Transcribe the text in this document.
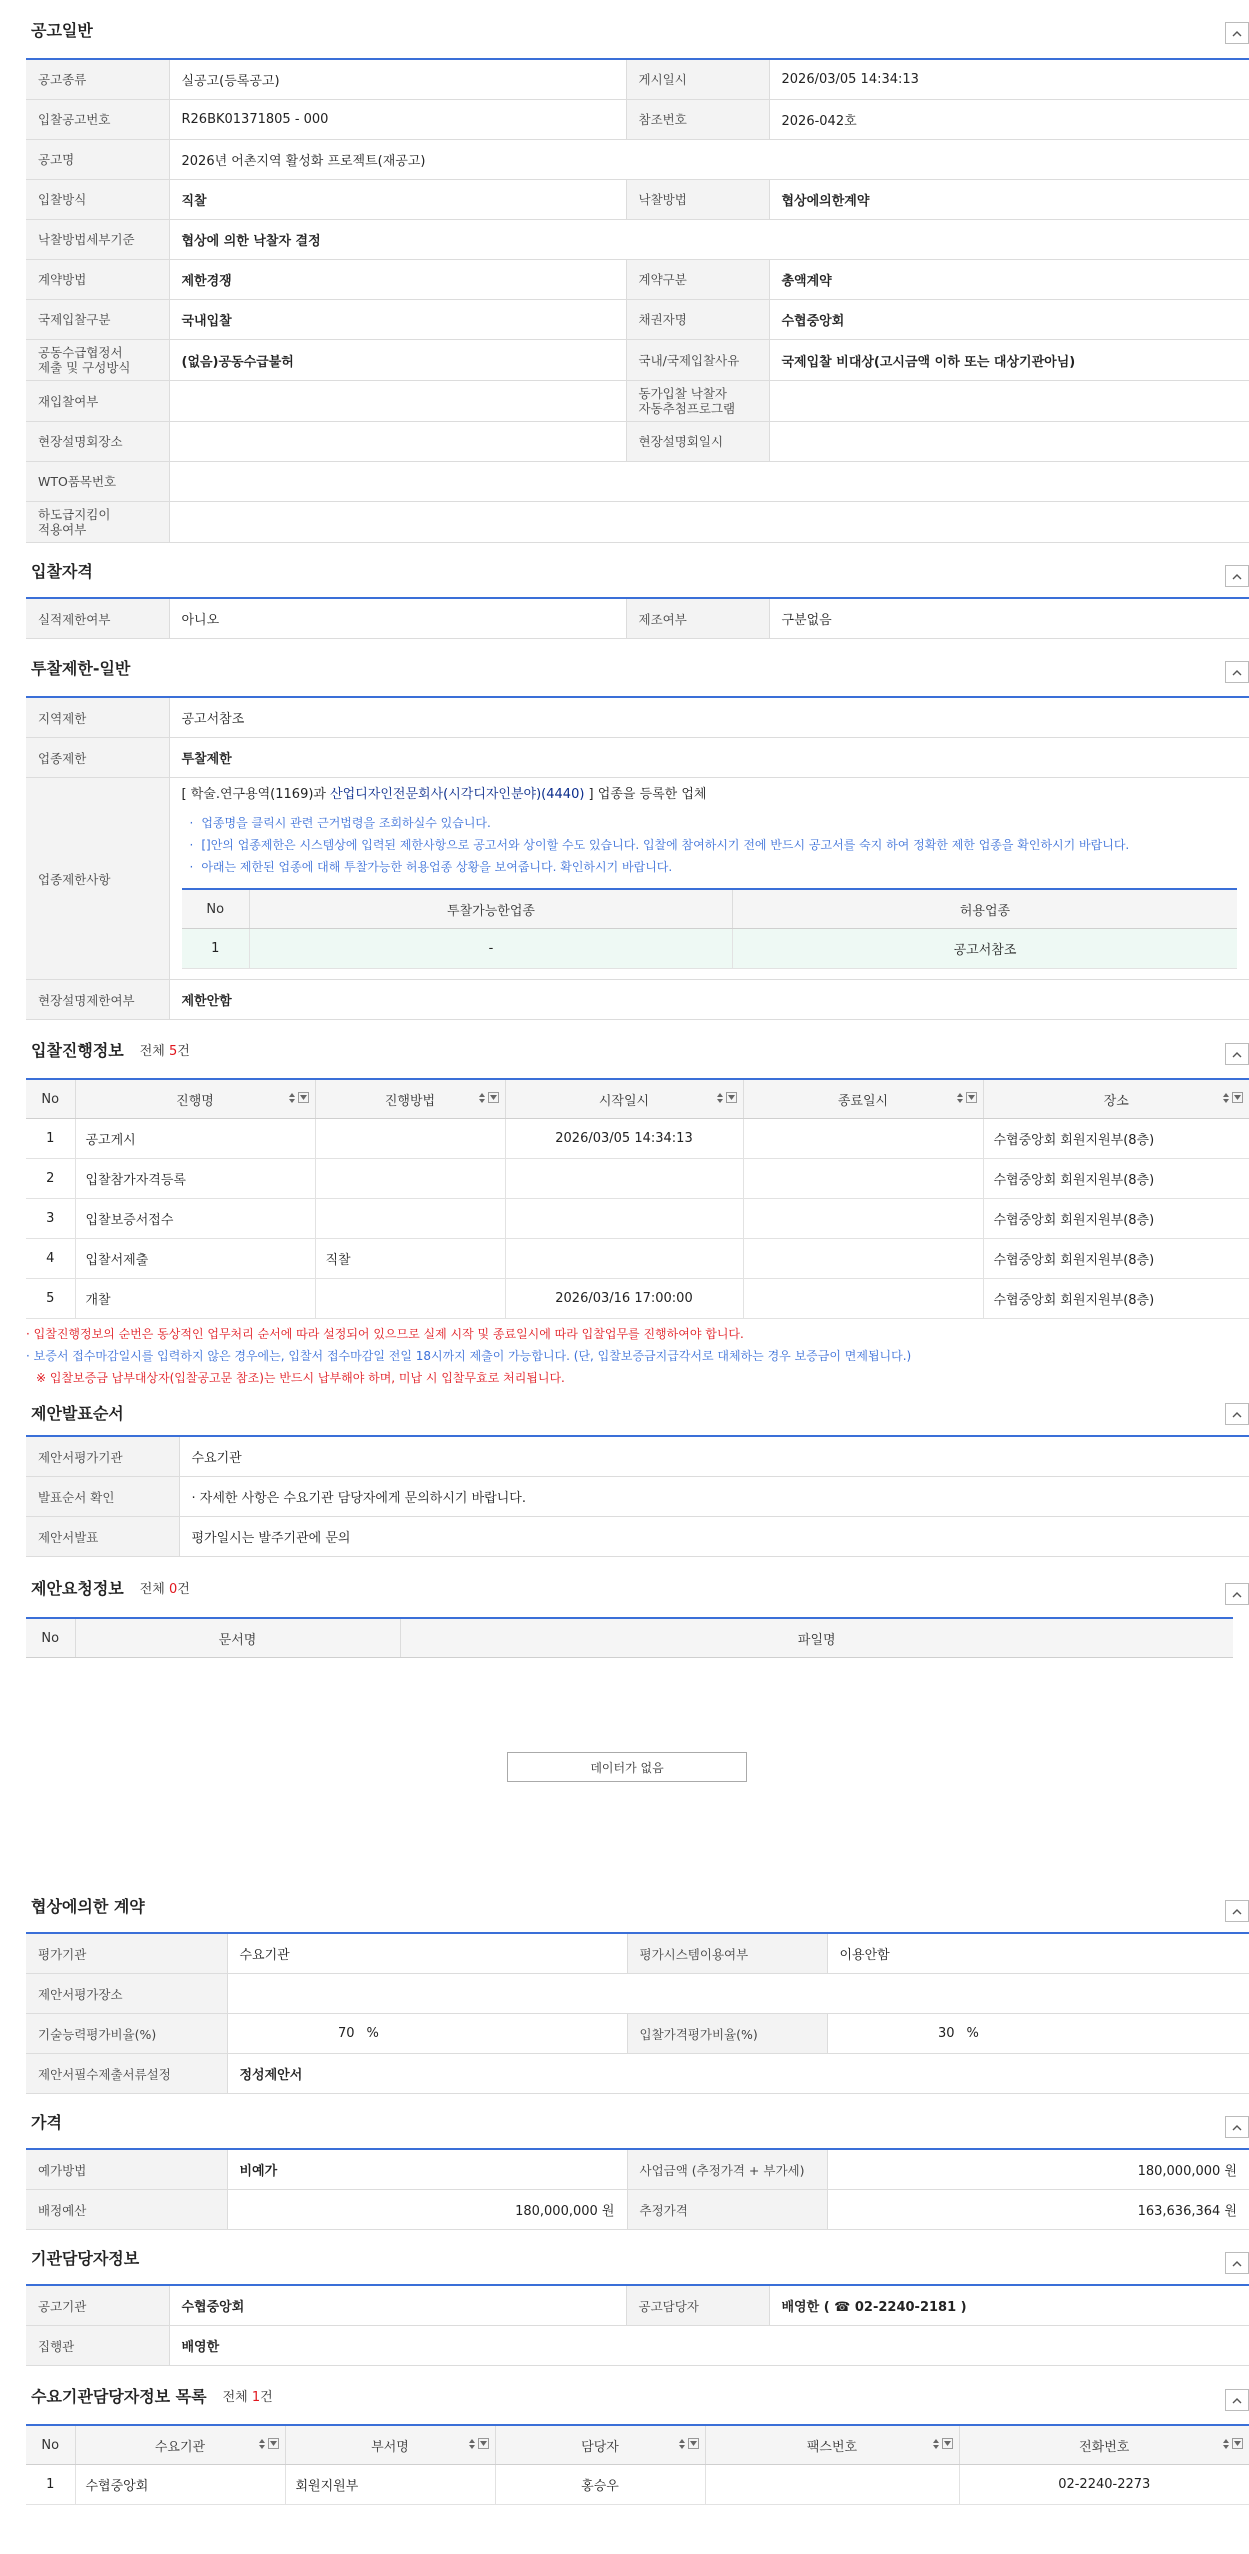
공고일반
공고종류	실공고(등록공고)	게시일시	2026/03/05 14:34:13
입찰공고번호	R26BK01371805 - 000	참조번호	2026-042호
공고명	2026년 어촌지역 활성화 프로젝트(재공고)		
입찰방식	직찰	낙찰방법	협상에의한계약
낙찰방법세부기준	협상에 의한 낙찰자 결정		
계약방법	제한경쟁	계약구분	총액계약
국제입찰구분	국내입찰	채권자명	수협중앙회
공동수급협정서
제출 및 구성방식	(없음)공동수급불허	국내/국제입찰사유	국제입찰 비대상(고시금액 이하 또는 대상기관아님)
재입찰여부		동가입찰 낙찰자
자동추첨프로그램	
현장설명회장소		현장설명회일시	
WTO품목번호			
하도급지킴이
적용여부			
입찰자격
실적제한여부	아니오	제조여부	구분없음
투찰제한-일반
지역제한	공고서참조
업종제한	투찰제한
업종제한사항	
[ 학술.연구용역(1169)과 산업디자인전문회사(시각디자인분야)(4440) ] 업종을 등록한 업체
· 업종명을 클릭시 관련 근거법령을 조회하실수 있습니다.
· []안의 업종제한은 시스템상에 입력된 제한사항으로 공고서와 상이할 수도 있습니다. 입찰에 참여하시기 전에 반드시 공고서를 숙지 하여 정확한 제한 업종을 확인하시기 바랍니다.
· 아래는 제한된 업종에 대해 투찰가능한 허용업종 상황을 보여줍니다. 확인하시기 바랍니다.
No	투찰가능한업종	허용업종
1	-	공고서참조

현장설명제한여부	제한안함
입찰진행정보 전체 5건
No	진행명	진행방법	시작일시	종료일시	장소

1	공고게시		2026/03/05 14:34:13		수협중앙회 회원지원부(8층)
2	입찰참가자격등록				수협중앙회 회원지원부(8층)
3	입찰보증서접수				수협중앙회 회원지원부(8층)
4	입찰서제출	직찰			수협중앙회 회원지원부(8층)
5	개찰		2026/03/16 17:00:00		수협중앙회 회원지원부(8층)
· 입찰진행정보의 순번은 동상적인 업무처리 순서에 따라 설정되어 있으므로 실제 시작 및 종료일시에 따라 입찰업무를 진행하여야 합니다.
· 보증서 접수마감일시를 입력하지 않은 경우에는, 입찰서 접수마감일 전일 18시까지 제출이 가능합니다. (단, 입찰보증금지급각서로 대체하는 경우 보증금이 면제됩니다.)
※ 입찰보증금 납부대상자(입찰공고문 참조)는 반드시 납부해야 하며, 미납 시 입찰무효로 처리됩니다.
제안발표순서
제안서평가기관	수요기관
발표순서 확인	· 자세한 사항은 수요기관 담당자에게 문의하시기 바랍니다.
제안서발표	평가일시는 발주기관에 문의
제안요청정보 전체 0건
No	문서명	파일명
데이터가 없음
협상에의한 계약
평가기관	수요기관	평가시스템이용여부	이용안함
제안서평가장소			
기술능력평가비율(%)	70 %	입찰가격평가비율(%)	30 %
제안서필수제출서류설정	정성제안서		
가격
예가방법	비예가	사업금액 (추정가격 + 부가세)	180,000,000 원
배정예산	180,000,000 원	추정가격	163,636,364 원
기관담당자정보
공고기관	수협중앙회	공고담당자	배영한 ( ☎ 02-2240-2181 )
집행관	배영한		
수요기관담당자정보 목록 전체 1건
No	수요기관	부서명	담당자	팩스번호	전화번호

1	수협중앙회	회원지원부	홍승우		02-2240-2273
